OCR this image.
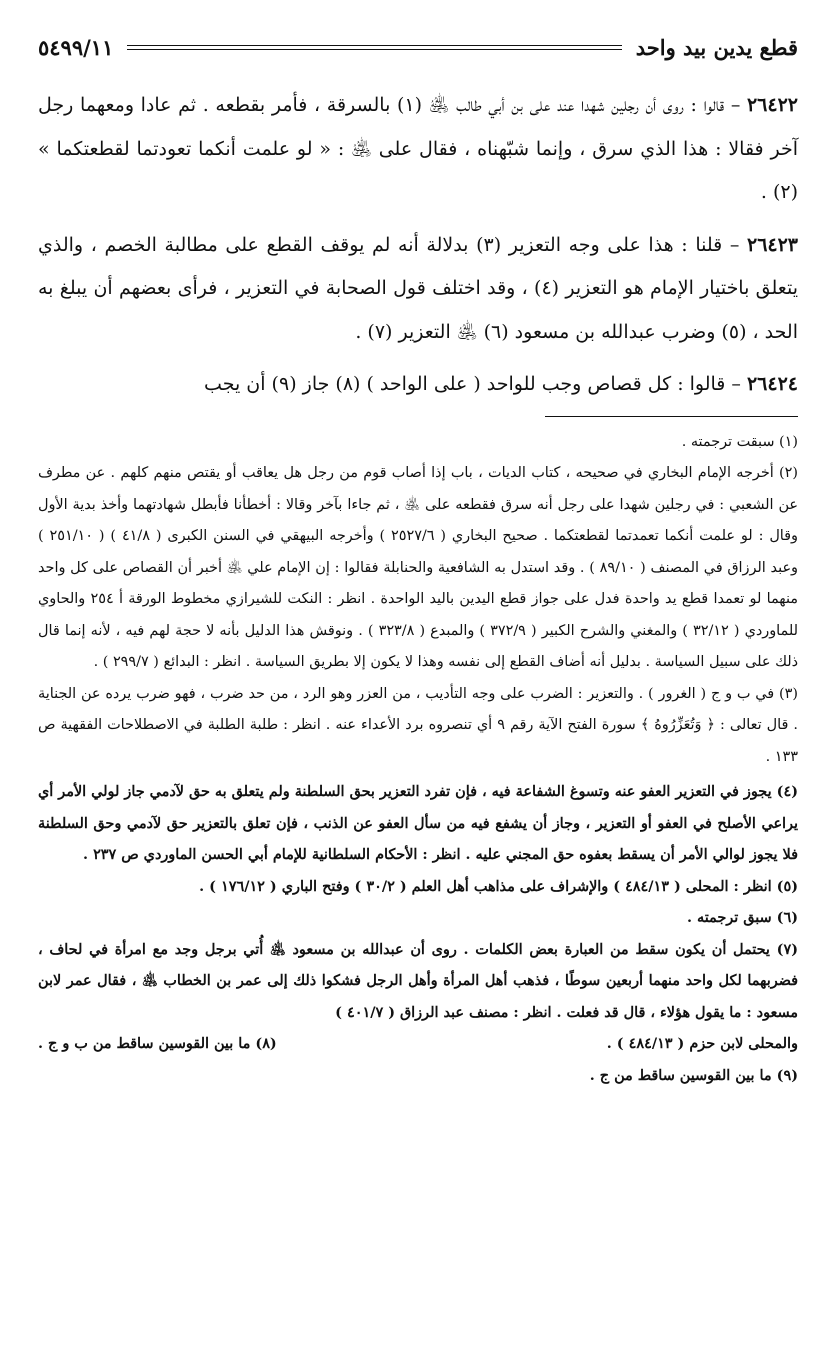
قطع يدين بيد واحد
٥٤٩٩/١١

٢٦٤٢٢ – قالوا : روى أن رجلين شهدا عند على بن أبي طالب ﵁ (١) بالسرقة ، فأمر بقطعه . ثم عادا ومعهما رجل آخر فقالا : هذا الذي سرق ، وإنما شبّهناه ، فقال على ﵁ : « لو علمت أنكما تعودتما لقطعتكما » (٢) .

٢٦٤٢٣ – قلنا : هذا على وجه التعزير (٣) بدلالة أنه لم يوقف القطع على مطالبة الخصم ، والذي يتعلق باختيار الإمام هو التعزير (٤) ، وقد اختلف قول الصحابة في التعزير ، فرأى بعضهم أن يبلغ به الحد ، (٥) وضرب عبدالله بن مسعود (٦) ﵁ التعزير (٧) .

٢٦٤٢٤ – قالوا : كل قصاص وجب للواحد ( على الواحد ) (٨) جاز (٩) أن يجب

(١) سبقت ترجمته .

(٢) أخرجه الإمام البخاري في صحيحه ، كتاب الديات ، باب إذا أصاب قوم من رجل هل يعاقب أو يقتص منهم كلهم . عن مطرف عن الشعبي : في رجلين شهدا على رجل أنه سرق فقطعه على ﵁ ، ثم جاءا بآخر وقالا : أخطأنا فأبطل شهادتهما وأخذ بدية الأول وقال : لو علمت أنكما تعمدتما لقطعتكما . صحيح البخاري ( ٢٥٢٧/٦ ) وأخرجه البيهقي في السنن الكبرى ( ٤١/٨ ) ( ٢٥١/١٠ ) وعبد الرزاق في المصنف ( ٨٩/١٠ ) . وقد استدل به الشافعية والحنابلة فقالوا : إن الإمام علي ﵁ أخبر أن القصاص على كل واحد منهما لو تعمدا قطع يد واحدة فدل على جواز قطع اليدين باليد الواحدة . انظر : النكت للشيرازي مخطوط الورقة أ ٢٥٤ والحاوي للماوردي ( ٣٢/١٢ ) والمغني والشرح الكبير ( ٣٧٢/٩ ) والمبدع ( ٣٢٣/٨ ) . ونوقش هذا الدليل بأنه لا حجة لهم فيه ، لأنه إنما قال ذلك على سبيل السياسة . بدليل أنه أضاف القطع إلى نفسه وهذا لا يكون إلا بطريق السياسة . انظر : البدائع ( ٢٩٩/٧ ) .

(٣) في ب و ج ( الغرور ) . والتعزير : الضرب على وجه التأديب ، من العزر وهو الرد ، من حد ضرب ، فهو ضرب يرده عن الجناية . قال تعالى : ﴿ وَتُعَزِّرُوهُ ﴾ سورة الفتح الآية رقم ٩ أي تنصروه برد الأعداء عنه . انظر : طلبة الطلبة في الاصطلاحات الفقهية ص ١٣٣ .

(٤) يجوز في التعزير العفو عنه وتسوغ الشفاعة فيه ، فإن تفرد التعزير بحق السلطنة ولم يتعلق به حق لآدمي جاز لولي الأمر أي يراعي الأصلح في العفو أو التعزير ، وجاز أن يشفع فيه من سأل العفو عن الذنب ، فإن تعلق بالتعزير حق لآدمي وحق السلطنة فلا يجوز لوالي الأمر أن يسقط بعفوه حق المجني عليه . انظر : الأحكام السلطانية للإمام أبي الحسن الماوردي ص ٢٣٧ .

(٥) انظر : المحلى ( ٤٨٤/١٣ ) والإشراف على مذاهب أهل العلم ( ٣٠/٢ ) وفتح الباري ( ١٧٦/١٢ ) .

(٦) سبق ترجمته .

(٧) يحتمل أن يكون سقط من العبارة بعض الكلمات . روى أن عبدالله بن مسعود ﵁ أُتي برجل وجد مع امرأة في لحاف ، فضربهما لكل واحد منهما أربعين سوطًا ، فذهب أهل المرأة وأهل الرجل فشكوا ذلك إلى عمر بن الخطاب ﵁ ، فقال عمر لابن مسعود : ما يقول هؤلاء ، قال قد فعلت . انظر : مصنف عبد الرزاق ( ٤٠١/٧ )

والمحلى لابن حزم ( ٤٨٤/١٣ ) .
(٨) ما بين القوسين ساقط من ب و ج .

(٩) ما بين القوسين ساقط من ج .
